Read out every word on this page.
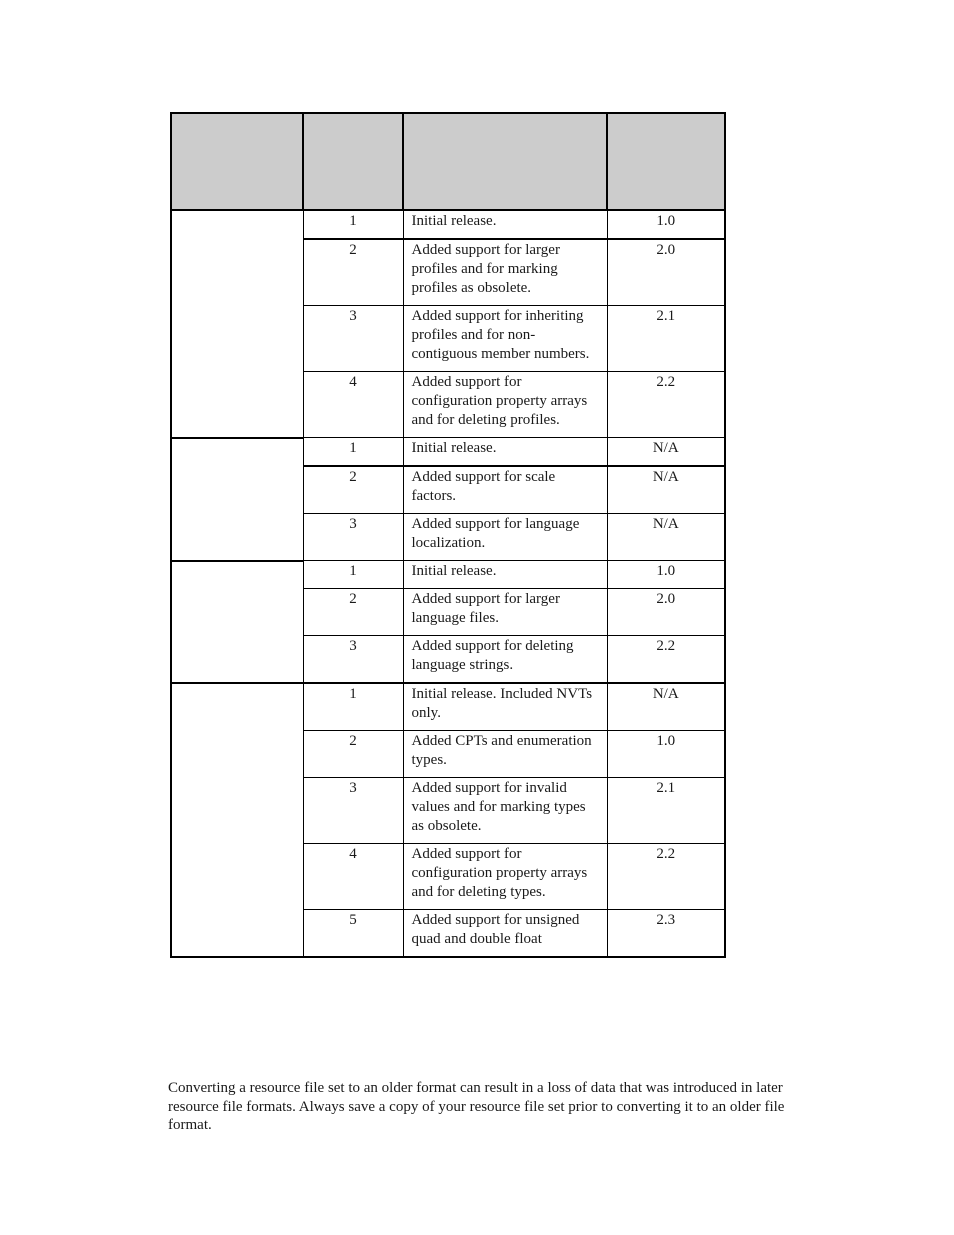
	1	Initial release.	1.0
	2	Added support for larger profiles and for marking profiles as obsolete.	2.0
	3	Added support for inheriting profiles and for non-contiguous member numbers.	2.1
	4	Added support for configuration property arrays and for deleting profiles.	2.2
	1	Initial release.	N/A
	2	Added support for scale factors.	N/A
	3	Added support for language localization.	N/A
	1	Initial release.	1.0
	2	Added support for larger language files.	2.0
	3	Added support for deleting language strings.	2.2
	1	Initial release. Included NVTs only.	N/A
	2	Added CPTs and enumeration types.	1.0
	3	Added support for invalid values and for marking types as obsolete.	2.1
	4	Added support for configuration property arrays and for deleting types.	2.2
	5	Added support for unsigned quad and double float	2.3

Converting a resource file set to an older format can result in a loss of data that was introduced in later resource file formats. Always save a copy of your resource file set prior to converting it to an older file format.
